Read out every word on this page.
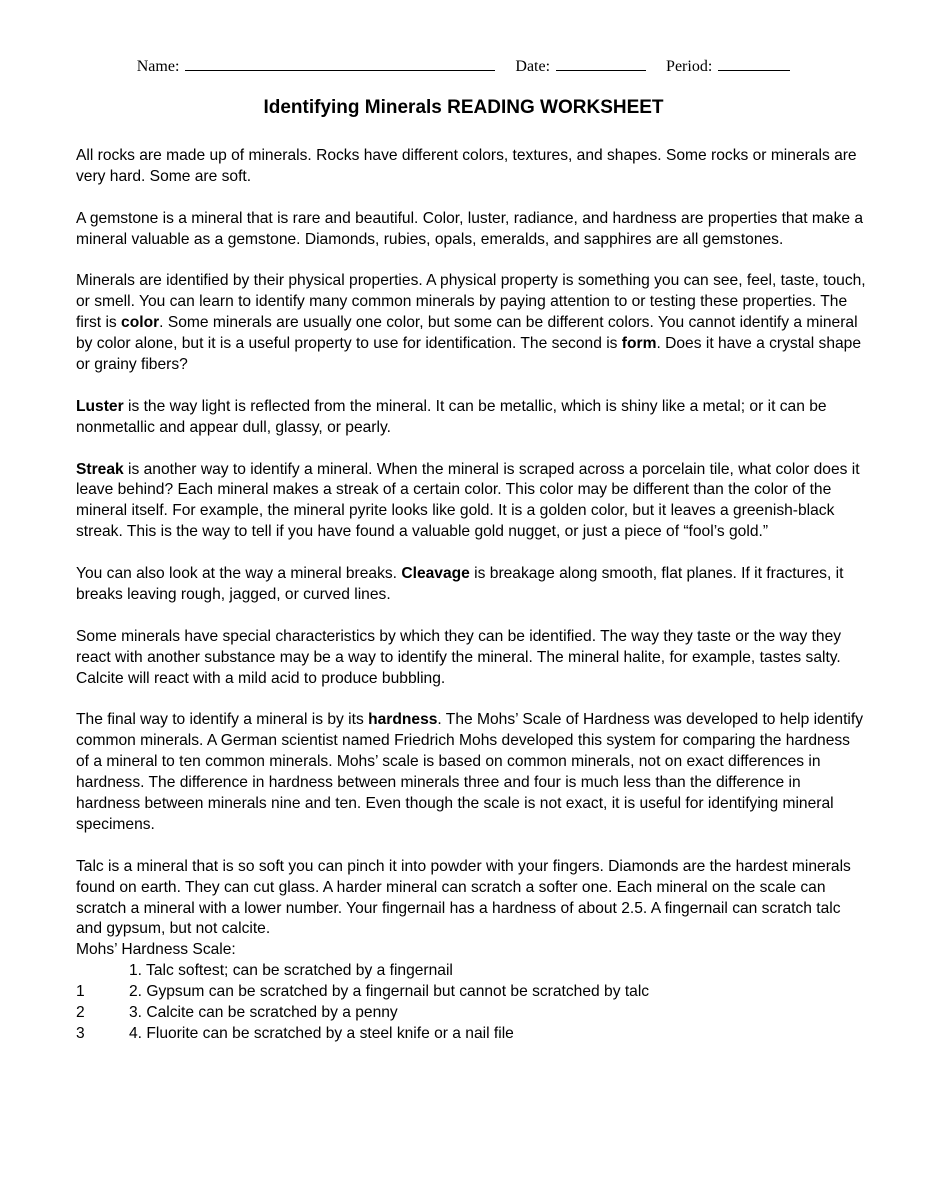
Name:	Date:	Period:
Identifying Minerals READING WORKSHEET

All rocks are made up of minerals. Rocks have different colors, textures, and shapes. Some rocks or minerals are very hard. Some are soft.

A gemstone is a mineral that is rare and beautiful. Color, luster, radiance, and hardness are properties that make a mineral valuable as a gemstone. Diamonds, rubies, opals, emeralds, and sapphires are all gemstones.

Minerals are identified by their physical properties. A physical property is something you can see, feel, taste, touch, or smell. You can learn to identify many common minerals by paying attention to or testing these properties. The first is color. Some minerals are usually one color, but some can be different colors. You cannot identify a mineral by color alone, but it is a useful property to use for identification. The second is form. Does it have a crystal shape or grainy fibers?

Luster is the way light is reflected from the mineral. It can be metallic, which is shiny like a metal; or it can be nonmetallic and appear dull, glassy, or pearly.

Streak is another way to identify a mineral. When the mineral is scraped across a porcelain tile, what color does it leave behind? Each mineral makes a streak of a certain color. This color may be different than the color of the mineral itself. For example, the mineral pyrite looks like gold. It is a golden color, but it leaves a greenish-black streak. This is the way to tell if you have found a valuable gold nugget, or just a piece of “fool’s gold.”

You can also look at the way a mineral breaks. Cleavage is breakage along smooth, flat planes. If it fractures, it breaks leaving rough, jagged, or curved lines.

Some minerals have special characteristics by which they can be identified. The way they taste or the way they react with another substance may be a way to identify the mineral. The mineral halite, for example, tastes salty. Calcite will react with a mild acid to produce bubbling.

The final way to identify a mineral is by its hardness. The Mohs’ Scale of Hardness was developed to help identify common minerals. A German scientist named Friedrich Mohs developed this system for comparing the hardness of a mineral to ten common minerals. Mohs’ scale is based on common minerals, not on exact differences in hardness. The difference in hardness between minerals three and four is much less than the difference in hardness between minerals nine and ten. Even though the scale is not exact, it is useful for identifying mineral specimens.

Talc is a mineral that is so soft you can pinch it into powder with your fingers. Diamonds are the hardest minerals found on earth. They can cut glass. A harder mineral can scratch a softer one. Each mineral on the scale can scratch a mineral with a lower number. Your fingernail has a hardness of about 2.5. A fingernail can scratch talc and gypsum, but not calcite.

Mohs’ Hardness Scale:
1. Talc softest; can be scratched by a fingernail
1	2. Gypsum can be scratched by a fingernail but cannot be scratched by talc
2	3. Calcite can be scratched by a penny
3	4. Fluorite can be scratched by a steel knife or a nail file
